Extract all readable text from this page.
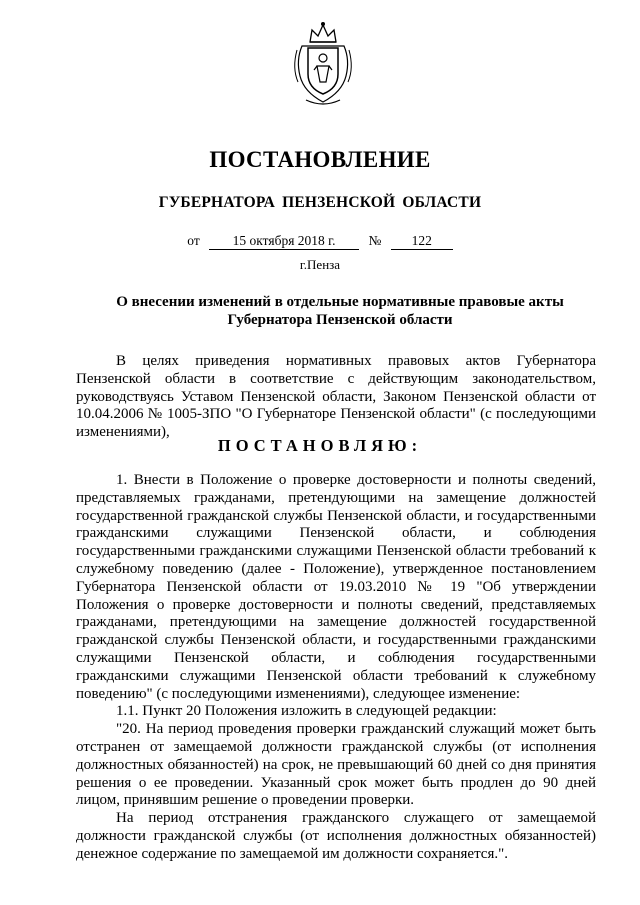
ПОСТАНОВЛЕНИЕ
ГУБЕРНАТОРА ПЕНЗЕНСКОЙ ОБЛАСТИ
от 15 октября 2018 г. № 122
г.Пенза
О внесении изменений в отдельные нормативные правовые акты
Губернатора Пензенской области

В целях приведения нормативных правовых актов Губернатора Пензенской области в соответствие с действующим законодательством, руководствуясь Уставом Пензенской области, Законом Пензенской области от 10.04.2006 № 1005-ЗПО "О Губернаторе Пензенской области" (с последующими изменениями),

ПОСТАНОВЛЯЮ:

1. Внести в Положение о проверке достоверности и полноты сведений, представляемых гражданами, претендующими на замещение должностей государственной гражданской службы Пензенской области, и государственными гражданскими служащими Пензенской области, и соблюдения государственными гражданскими служащими Пензенской области требований к служебному поведению (далее - Положение), утвержденное постановлением Губернатора Пензенской области от 19.03.2010 № 19 "Об утверждении Положения о проверке достоверности и полноты сведений, представляемых гражданами, претендующими на замещение должностей государственной гражданской службы Пензенской области, и государственными гражданскими служащими Пензенской области, и соблюдения государственными гражданскими служащими Пензенской области требований к служебному поведению" (с последующими изменениями), следующее изменение:

1.1. Пункт 20 Положения изложить в следующей редакции:

"20. На период проведения проверки гражданский служащий может быть отстранен от замещаемой должности гражданской службы (от исполнения должностных обязанностей) на срок, не превышающий 60 дней со дня принятия решения о ее проведении. Указанный срок может быть продлен до 90 дней лицом, принявшим решение о проведении проверки.

На период отстранения гражданского служащего от замещаемой должности гражданской службы (от исполнения должностных обязанностей) денежное содержание по замещаемой им должности сохраняется.".
